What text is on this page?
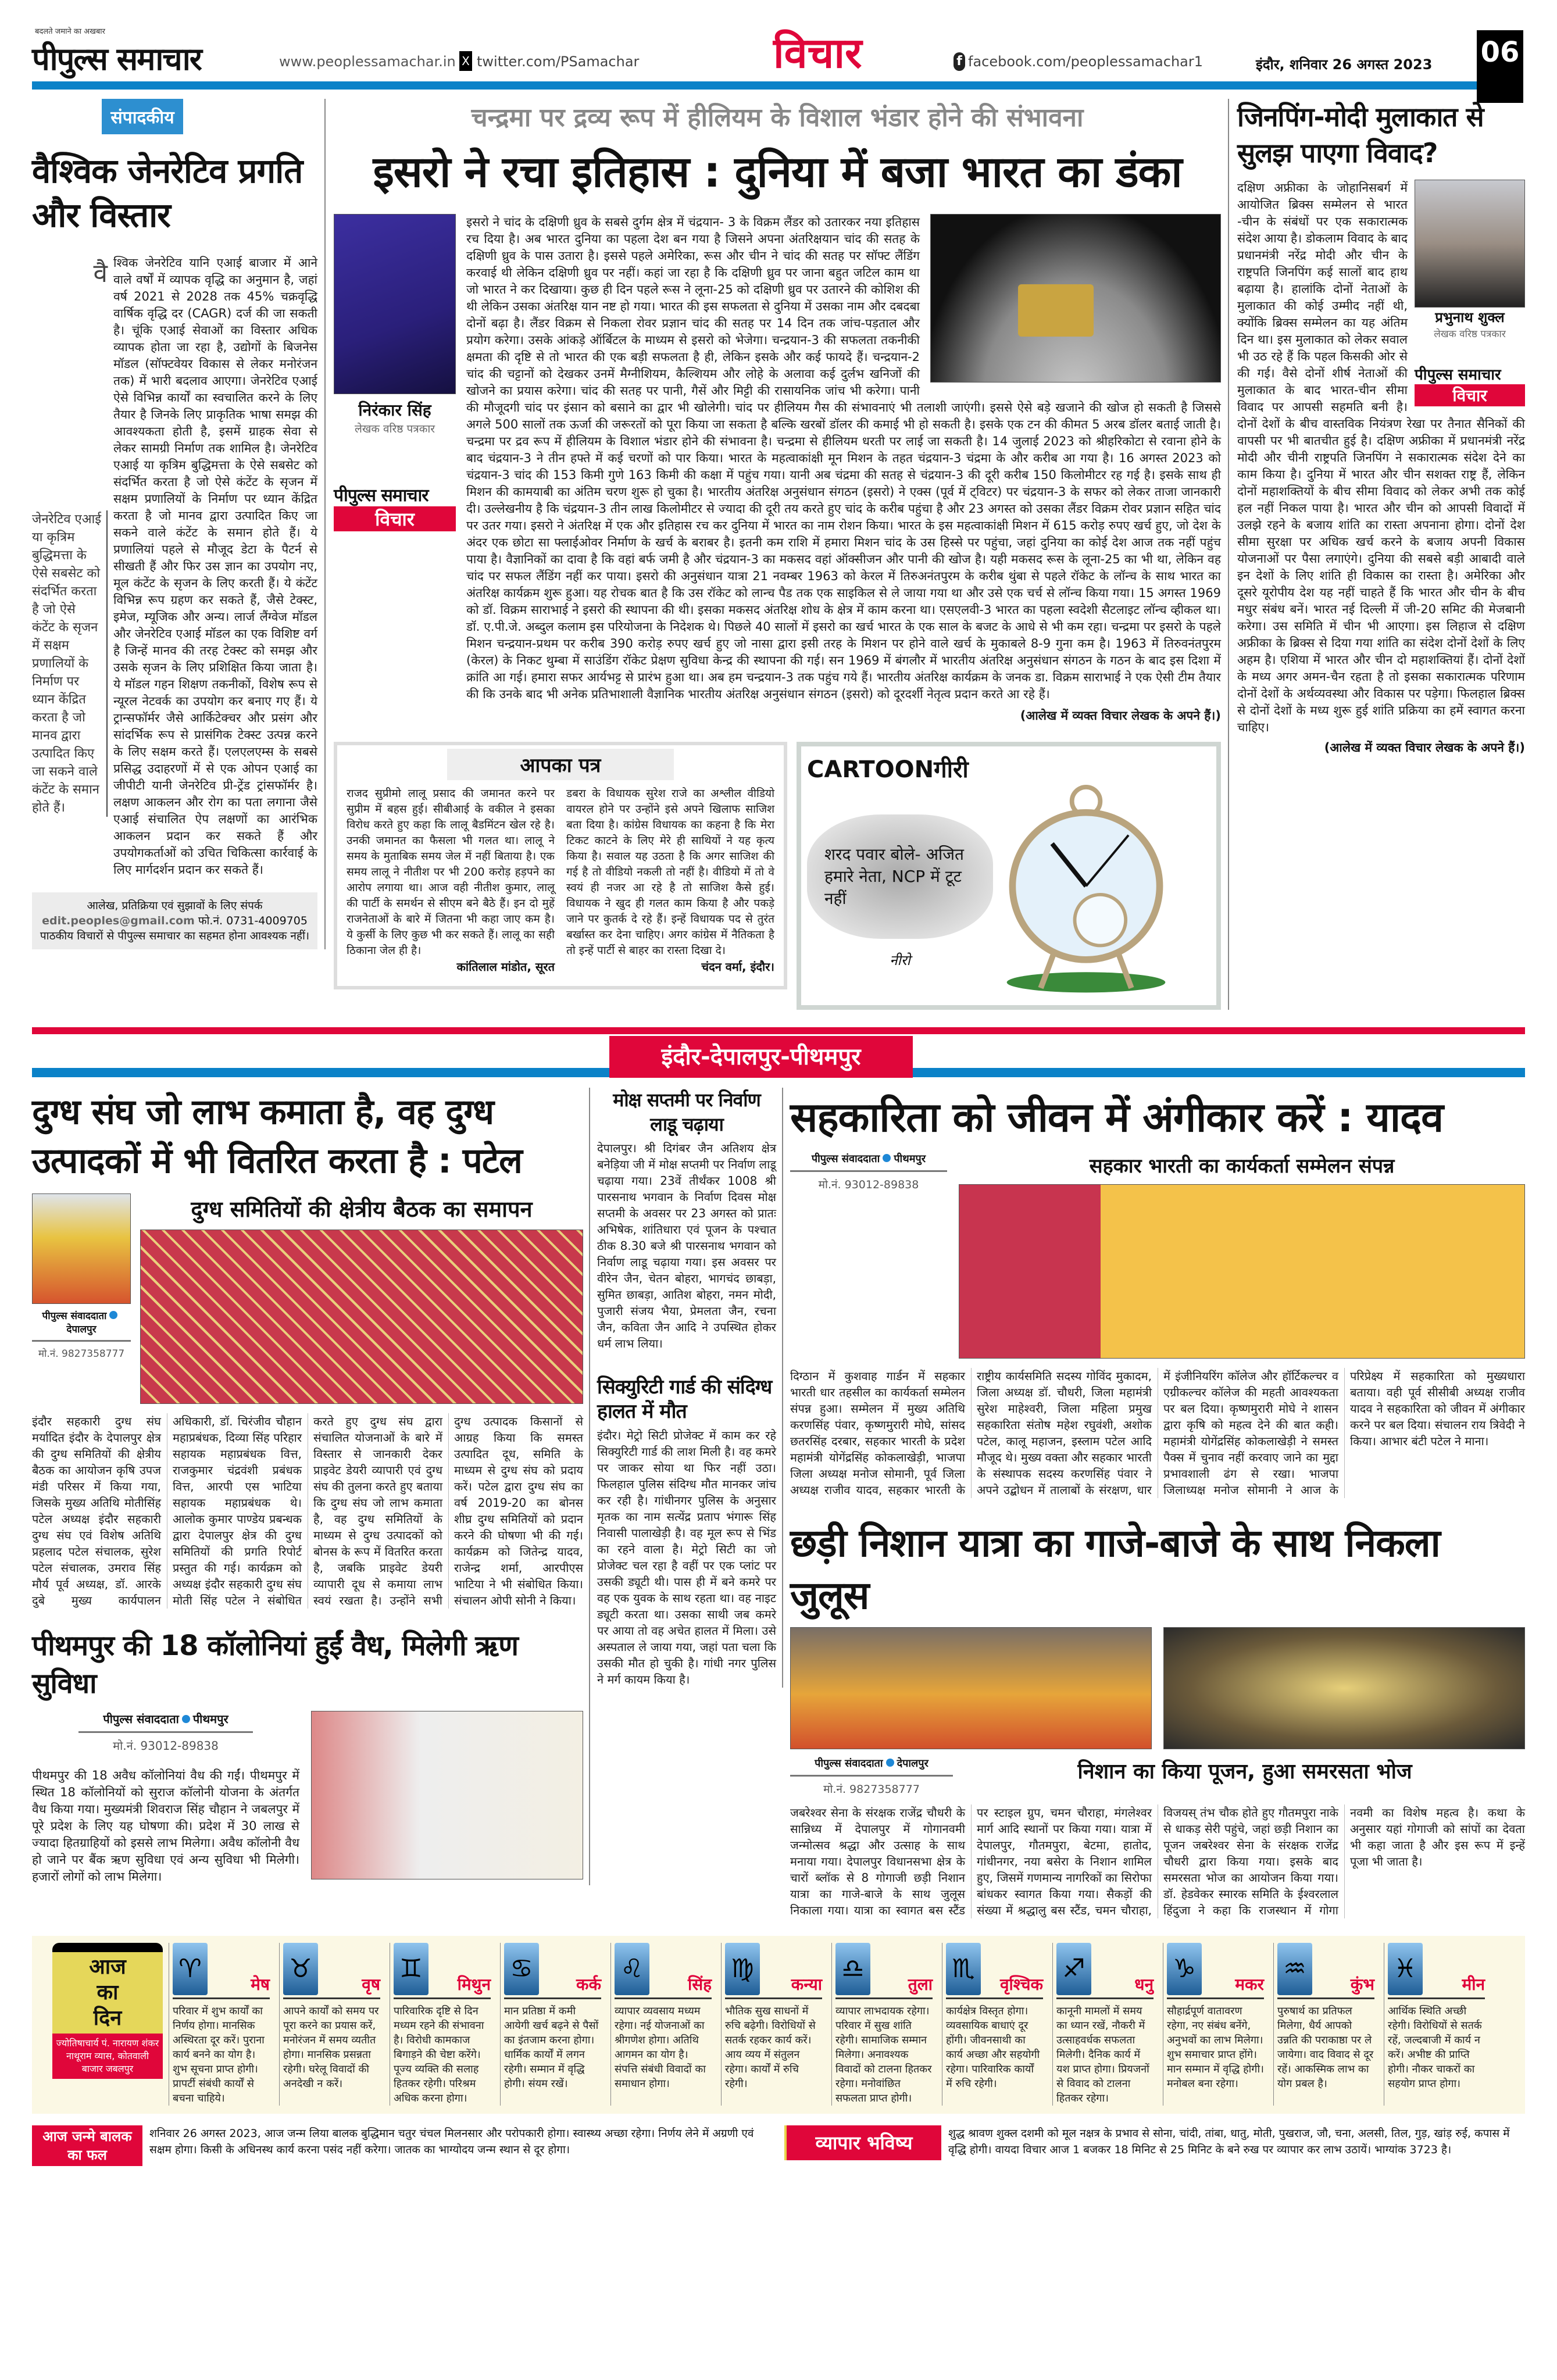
बदलते जमाने का अखबार
पीपुल्स समाचार	www.peoplessamachar.in X twitter.com/PSamachar	विचार	f facebook.com/peoplessamachar1	इंदौर, शनिवार 26 अगस्त 2023 06
संपादकीय
वैश्विक जेनरेटिव प्रगति और विस्तार
वै
जेनरेटिव एआई या कृत्रिम बुद्धिमत्ता के ऐसे सबसेट को संदर्भित करता है जो ऐसे कंटेंट के सृजन में सक्षम प्रणालियों के निर्माण पर ध्यान केंद्रित करता है जो मानव द्वारा उत्पादित किए जा सकने वाले कंटेंट के समान होते हैं।
श्विक जेनरेटिव यानि एआई बाजार में आने वाले वर्षों में व्यापक वृद्धि का अनुमान है, जहां वर्ष 2021 से 2028 तक 45% चक्रवृद्धि वार्षिक वृद्धि दर (CAGR) दर्ज की जा सकती है। चूंकि एआई सेवाओं का विस्तार अधिक व्यापक होता जा रहा है, उद्योगों के बिजनेस मॉडल (सॉफ्टवेयर विकास से लेकर मनोरंजन तक) में भारी बदलाव आएगा। जेनरेटिव एआई ऐसे विभिन्न कार्यों का स्वचालित करने के लिए तैयार है जिनके लिए प्राकृतिक भाषा समझ की आवश्यकता होती है, इसमें ग्राहक सेवा से लेकर सामग्री निर्माण तक शामिल है। जेनरेटिव एआई या कृत्रिम बुद्धिमत्ता के ऐसे सबसेट को संदर्भित करता है जो ऐसे कंटेंट के सृजन में सक्षम प्रणालियों के निर्माण पर ध्यान केंद्रित करता है जो मानव द्वारा उत्पादित किए जा सकने वाले कंटेंट के समान होते हैं। ये प्रणालियां पहले से मौजूद डेटा के पैटर्न से सीखती हैं और फिर उस ज्ञान का उपयोग नए, मूल कंटेंट के सृजन के लिए करती हैं। ये कंटेंट विभिन्न रूप ग्रहण कर सकते हैं, जैसे टेक्स्ट, इमेज, म्यूजिक और अन्य। लार्ज लैंग्वेज मॉडल और जेनरेटिव एआई मॉडल का एक विशिष्ट वर्ग है जिन्हें मानव की तरह टेक्स्ट को समझ और उसके सृजन के लिए प्रशिक्षित किया जाता है। ये मॉडल गहन शिक्षण तकनीकों, विशेष रूप से न्यूरल नेटवर्क का उपयोग कर बनाए गए हैं। ये ट्रान्सफॉर्मर जैसे आर्किटेक्चर और प्रसंग और सांदर्भिक रूप से प्रासंगिक टेक्स्ट उत्पन्न करने के लिए सक्षम करते हैं। एलएलएम्स के सबसे प्रसिद्ध उदाहरणों में से एक ओपन एआई का जीपीटी यानी जेनरेटिव प्री-ट्रेंड ट्रांसफॉर्मर है। लक्षण आकलन और रोग का पता लगाना जैसे एआई संचालित ऐप लक्षणों का आरंभिक आकलन प्रदान कर सकते हैं और उपयोगकर्ताओं को उचित चिकित्सा कार्रवाई के लिए मार्गदर्शन प्रदान कर सकते हैं।
आलेख, प्रतिक्रिया एवं सुझावों के लिए संपर्क
edit.peoples@gmail.com फो.नं. 0731-4009705
पाठकीय विचारों से पीपुल्स समाचार का सहमत होना आवश्यक नहीं।
चन्द्रमा पर द्रव्य रूप में हीलियम के विशाल भंडार होने की संभावना
इसरो ने रचा इतिहास : दुनिया में बजा भारत का डंका
निरंकार सिंह
लेखक वरिष्ठ पत्रकार
पीपुल्स समाचार
विचार
इसरो ने चांद के दक्षिणी ध्रुव के सबसे दुर्गम क्षेत्र में चंद्रयान- 3 के विक्रम लैंडर को उतारकर नया इतिहास रच दिया है। अब भारत दुनिया का पहला देश बन गया है जिसने अपना अंतरिक्षयान चांद की सतह के दक्षिणी ध्रुव के पास उतारा है। इससे पहले अमेरिका, रूस और चीन ने चांद की सतह पर सॉफ्ट लैंडिंग करवाई थी लेकिन दक्षिणी ध्रुव पर नहीं। कहां जा रहा है कि दक्षिणी ध्रुव पर जाना बहुत जटिल काम था जो भारत ने कर दिखाया। कुछ ही दिन पहले रूस ने लूना-25 को दक्षिणी ध्रुव पर उतारने की कोशिश की थी लेकिन उसका अंतरिक्ष यान नष्ट हो गया। भारत की इस सफलता से दुनिया में उसका नाम और दबदबा दोनों बढ़ा है। लैंडर विक्रम से निकला रोवर प्रज्ञान चांद की सतह पर 14 दिन तक जांच-पड़ताल और प्रयोग करेगा। उसके आंकड़े ऑर्बिटल के माध्यम से इसरो को भेजेगा। चन्द्रयान-3 की सफलता तकनीकी क्षमता की दृष्टि से तो भारत की एक बड़ी सफलता है ही, लेकिन इसके और कई फायदे हैं। चन्द्रयान-2 चांद की चट्टानों को देखकर उनमें मैग्नीशियम, कैल्शियम और लोहे के अलावा कई दुर्लभ खनिजों की खोजने का प्रयास करेगा। चांद की सतह पर पानी, गैसें और मिट्टी की रासायनिक जांच भी करेगा। पानी की मौजूदगी चांद पर इंसान को बसाने का द्वार भी खोलेगी। चांद पर हीलियम गैस की संभावनाएं भी तलाशी जाएंगी। इससे ऐसे बड़े खजाने की खोज हो सकती है जिससे अगले 500 सालों तक ऊर्जा की जरूरतों को पूरा किया जा सकता है बल्कि खरबों डॉलर की कमाई भी हो सकती है। इसके एक टन की कीमत 5 अरब डॉलर बताई जाती है। चन्द्रमा पर द्रव रूप में हीलियम के विशाल भंडार होने की संभावना है। चन्द्रमा से हीलियम धरती पर लाई जा सकती है। 14 जुलाई 2023 को श्रीहरिकोटा से रवाना होने के बाद चंद्रयान-3 ने तीन हफ्ते में कई चरणों को पार किया। भारत के महत्वाकांक्षी मून मिशन के तहत चंद्रयान-3 चंद्रमा के और करीब आ गया है। 16 अगस्त 2023 को चंद्रयान-3 चांद की 153 किमी गुणे 163 किमी की कक्षा में पहुंच गया। यानी अब चंद्रमा की सतह से चंद्रयान-3 की दूरी करीब 150 किलोमीटर रह गई है। इसके साथ ही मिशन की कामयाबी का अंतिम चरण शुरू हो चुका है। भारतीय अंतरिक्ष अनुसंधान संगठन (इसरो) ने एक्स (पूर्व में ट्विटर) पर चंद्रयान-3 के सफर को लेकर ताजा जानकारी दी। उल्लेखनीय है कि चंद्रयान-3 तीन लाख किलोमीटर से ज्यादा की दूरी तय करते हुए चांद के करीब पहुंचा है और 23 अगस्त को उसका लैंडर विक्रम रोवर प्रज्ञान सहित चांद पर उतर गया। इसरो ने अंतरिक्ष में एक और इतिहास रच कर दुनिया में भारत का नाम रोशन किया। भारत के इस महत्वाकांक्षी मिशन में 615 करोड़ रुपए खर्च हुए, जो देश के अंदर एक छोटा सा फ्लाईओवर निर्माण के खर्च के बराबर है। इतनी कम राशि में हमारा मिशन चांद के उस हिस्से पर पहुंचा, जहां दुनिया का कोई देश आज तक नहीं पहुंच पाया है। वैज्ञानिकों का दावा है कि वहां बर्फ जमी है और चंद्रयान-3 का मकसद वहां ऑक्सीजन और पानी की खोज है। यही मकसद रूस के लूना-25 का भी था, लेकिन वह चांद पर सफल लैंडिंग नहीं कर पाया। इसरो की अनुसंधान यात्रा 21 नवम्बर 1963 को केरल में तिरुअनंतपुरम के करीब थुंबा से पहले रॉकेट के लॉन्च के साथ भारत का अंतरिक्ष कार्यक्रम शुरू हुआ। यह रोचक बात है कि उस रॉकेट को लान्च पैड तक एक साइकिल से ले जाया गया था और उसे एक चर्च से लॉन्च किया गया। 15 अगस्त 1969 को डॉ. विक्रम साराभाई ने इसरो की स्थापना की थी। इसका मकसद अंतरिक्ष शोध के क्षेत्र में काम करना था। एसएलवी-3 भारत का पहला स्वदेशी सैटलाइट लॉन्च व्हीकल था। डॉ. ए.पी.जे. अब्दुल कलाम इस परियोजना के निदेशक थे। पिछले 40 सालों में इसरो का खर्च भारत के एक साल के बजट के आधे से भी कम रहा। चन्द्रमा पर इसरो के पहले मिशन चन्द्रयान-प्रथम पर करीब 390 करोड़ रुपए खर्च हुए जो नासा द्वारा इसी तरह के मिशन पर होने वाले खर्च के मुकाबले 8-9 गुना कम है। 1963 में तिरुवनंतपुरम (केरल) के निकट थुम्बा में साउंडिंग रॉकेट प्रेक्षण सुविधा केन्द्र की स्थापना की गई। सन 1969 में बंगलौर में भारतीय अंतरिक्ष अनुसंधान संगठन के गठन के बाद इस दिशा में क्रांति आ गई। हमारा सफर आर्यभट्ट से प्रारंभ हुआ था। अब हम चन्द्रयान-3 तक पहुंच गये हैं। भारतीय अंतरिक्ष कार्यक्रम के जनक डा. विक्रम साराभाई ने एक ऐसी टीम तैयार की कि उनके बाद भी अनेक प्रतिभाशाली वैज्ञानिक भारतीय अंतरिक्ष अनुसंधान संगठन (इसरो) को दूरदर्शी नेतृत्व प्रदान करते आ रहे हैं।
(आलेख में व्यक्त विचार लेखक के अपने हैं।)
आपका पत्र
राजद सुप्रीमो लालू प्रसाद की जमानत करने पर सुप्रीम में बहस हुई। सीबीआई के वकील ने इसका विरोध करते हुए कहा कि लालू बैडमिंटन खेल रहे है। उनकी जमानत का फैसला भी गलत था। लालू ने समय के मुताबिक समय जेल में नहीं बिताया है। एक समय लालू ने नीतीश पर भी 200 करोड़ हड़पने का आरोप लगाया था। आज वही नीतीश कुमार, लालू की पार्टी के समर्थन से सीएम बने बैठे हैं। इन दो मुहें राजनेताओं के बारे में जितना भी कहा जाए कम है। ये कुर्सी के लिए कुछ भी कर सकते हैं। लालू का सही ठिकाना जेल ही है।
कांतिलाल मांडोत, सूरत
डबरा के विधायक सुरेश राजे का अश्लील वीडियो वायरल होने पर उन्होंने इसे अपने खिलाफ साजिश बता दिया है। कांग्रेस विधायक का कहना है कि मेरा टिकट काटने के लिए मेरे ही साथियों ने यह कृत्य किया है। सवाल यह उठता है कि अगर साजिश की गई है तो वीडियो नकली तो नहीं है। वीडियो में तो वे स्वयं ही नजर आ रहे है तो साजिश कैसे हुई। विधायक ने खुद ही गलत काम किया है और पकड़े जाने पर कुतर्क दे रहे हैं। इन्हें विधायक पद से तुरंत बर्खास्त कर देना चाहिए। अगर कांग्रेस में नैतिकता है तो इन्हें पार्टी से बाहर का रास्ता दिखा दे।
चंदन वर्मा, इंदौर।
CARTOONगीरी
शरद पवार बोले- अजित हमारे नेता, NCP में टूट नहीं
नीरो
जिनपिंग-मोदी मुलाकात से सुलझ पाएगा विवाद?
प्रभुनाथ शुक्ल
लेखक वरिष्ठ पत्रकार
पीपुल्स समाचार
विचार
दक्षिण अफ्रीका के जोहानिसबर्ग में आयोजित ब्रिक्स सम्मेलन से भारत -चीन के संबंधों पर एक सकारात्मक संदेश आया है। डोकलाम विवाद के बाद प्रधानमंत्री नरेंद्र मोदी और चीन के राष्ट्रपति जिनपिंग कई सालों बाद हाथ बढ़ाया है। हालांकि दोनों नेताओं के मुलाकात की कोई उम्मीद नहीं थी, क्योंकि ब्रिक्स सम्मेलन का यह अंतिम दिन था। इस मुलाकात को लेकर सवाल भी उठ रहे हैं कि पहल किसकी ओर से की गई। वैसे दोनों शीर्ष नेताओं की मुलाकात के बाद भारत-चीन सीमा विवाद पर आपसी सहमति बनी है। दोनों देशों के बीच वास्तविक नियंत्रण रेखा पर तैनात सैनिकों की वापसी पर भी बातचीत हुई है। दक्षिण अफ्रीका में प्रधानमंत्री नरेंद्र मोदी और चीनी राष्ट्रपति जिनपिंग ने सकारात्मक संदेश देने का काम किया है। दुनिया में भारत और चीन सशक्त राष्ट्र हैं, लेकिन दोनों महाशक्तियों के बीच सीमा विवाद को लेकर अभी तक कोई हल नहीं निकल पाया है। भारत और चीन को आपसी विवादों में उलझे रहने के बजाय शांति का रास्ता अपनाना होगा। दोनों देश सीमा सुरक्षा पर अधिक खर्च करने के बजाय अपनी विकास योजनाओं पर पैसा लगाएंगे। दुनिया की सबसे बड़ी आबादी वाले इन देशों के लिए शांति ही विकास का रास्ता है। अमेरिका और दूसरे यूरोपीय देश यह नहीं चाहते हैं कि भारत और चीन के बीच मधुर संबंध बनें। भारत नई दिल्ली में जी-20 समिट की मेजबानी करेगा। उस समिति में चीन भी आएगा। इस लिहाज से दक्षिण अफ्रीका के ब्रिक्स से दिया गया शांति का संदेश दोनों देशों के लिए अहम है। एशिया में भारत और चीन दो महाशक्तियां हैं। दोनों देशों के मध्य अगर अमन-चैन रहता है तो इसका सकारात्मक परिणाम दोनों देशों के अर्थव्यवस्था और विकास पर पड़ेगा। फिलहाल ब्रिक्स से दोनों देशों के मध्य शुरू हुई शांति प्रक्रिया का हमें स्वागत करना चाहिए।
(आलेख में व्यक्त विचार लेखक के अपने हैं।)
इंदौर-देपालपुर-पीथमपुर
दुग्ध संघ जो लाभ कमाता है, वह दुग्ध उत्पादकों में भी वितरित करता है : पटेल
पीपुल्स संवाददातादेपालपुर
मो.नं. 9827358777
दुग्ध समितियों की क्षेत्रीय बैठक का समापन
इंदौर सहकारी दुग्ध संघ मर्यादित इंदौर के देपालपुर क्षेत्र की दुग्ध समितियों की क्षेत्रीय बैठक का आयोजन कृषि उपज मंडी परिसर में किया गया, जिसके मुख्य अतिथि मोतीसिंह पटेल अध्यक्ष इंदौर सहकारी दुग्ध संघ एवं विशेष अतिथि प्रहलाद पटेल संचालक, सुरेश पटेल संचालक, उमराव सिंह मौर्य पूर्व अध्यक्ष, डॉ. आरके दुबे मुख्य कार्यपालन अधिकारी, डॉ. चिरंजीव चौहान महाप्रबंधक, दिव्या सिंह परिहार सहायक महाप्रबंधक वित्त, राजकुमार चंद्रवंशी प्रबंधक वित्त, आरपी एस भाटिया सहायक महाप्रबंधक थे। आलोक कुमार पाण्डेय प्रबन्धक द्वारा देपालपुर क्षेत्र की दुग्ध समितियों की प्रगति रिपोर्ट प्रस्तुत की गई। कार्यक्रम को अध्यक्ष इंदौर सहकारी दुग्ध संघ मोती सिंह पटेल ने संबोधित करते हुए दुग्ध संघ द्वारा संचालित योजनाओं के बारे में विस्तार से जानकारी देकर प्राइवेट डेयरी व्यापारी एवं दुग्ध संघ की तुलना करते हुए बताया कि दुग्ध संघ जो लाभ कमाता है, वह दुग्ध समितियों के माध्यम से दुग्ध उत्पादकों को बोनस के रूप में वितरित करता है, जबकि प्राइवेट डेयरी व्यापारी दूध से कमाया लाभ स्वयं रखता है। उन्होंने सभी दुग्ध उत्पादक किसानों से आग्रह किया कि समस्त उत्पादित दूध, समिति के माध्यम से दुग्ध संघ को प्रदाय करें। पटेल द्वारा दुग्ध संघ का वर्ष 2019-20 का बोनस शीघ्र दुग्ध समितियों को प्रदान करने की घोषणा भी की गई। कार्यक्रम को जितेन्द्र यादव, राजेन्द्र शर्मा, आरपीएस भाटिया ने भी संबोधित किया। संचालन ओपी सोनी ने किया।
पीथमपुर की 18 कॉलोनियां हुईं वैध, मिलेगी ऋण सुविधा
पीपुल्स संवाददाता पीथमपुर
मो.नं. 93012-89838
पीथमपुर की 18 अवैध कॉलोनियां वैध की गईं। पीथमपुर में स्थित 18 कॉलोनियों को सुराज कॉलोनी योजना के अंतर्गत वैध किया गया। मुख्यमंत्री शिवराज सिंह चौहान ने जबलपुर में पूरे प्रदेश के लिए यह घोषणा की। प्रदेश में 30 लाख से ज्यादा हितग्राहियों को इससे लाभ मिलेगा। अवैध कॉलोनी वैध हो जाने पर बैंक ऋण सुविधा एवं अन्य सुविधा भी मिलेगी। हजारों लोगों को लाभ मिलेगा।
मोक्ष सप्तमी पर निर्वाण लाडू चढ़ाया
देपालपुर। श्री दिगंबर जैन अतिशय क्षेत्र बनेड़िया जी में मोक्ष सप्तमी पर निर्वाण लाडू चढ़ाया गया। 23वें तीर्थंकर 1008 श्री पारसनाथ भगवान के निर्वाण दिवस मोक्ष सप्तमी के अवसर पर 23 अगस्त को प्रातः अभिषेक, शांतिधारा एवं पूजन के पश्चात ठीक 8.30 बजे श्री पारसनाथ भगवान को निर्वाण लाडू चढ़ाया गया। इस अवसर पर वीरेन जैन, चेतन बोहरा, भागचंद छाबड़ा, सुमित छाबड़ा, आतिश बोहरा, नमन मोदी, पुजारी संजय भैया, प्रेमलता जैन, रचना जैन, कविता जैन आदि ने उपस्थित होकर धर्म लाभ लिया।
सिक्युरिटी गार्ड की संदिग्ध हालत में मौत
इंदौर। मेट्रो सिटी प्रोजेक्ट में काम कर रहे सिक्युरिटी गार्ड की लाश मिली है। वह कमरे पर जाकर सोया था फिर नहीं उठा। फिलहाल पुलिस संदिग्ध मौत मानकर जांच कर रही है। गांधीनगर पुलिस के अनुसार मृतक का नाम सत्येंद्र प्रताप भंगारू सिंह निवासी पालाखेड़ी है। वह मूल रूप से भिंड का रहने वाला है। मेट्रो सिटी का जो प्रोजेक्ट चल रहा है वहीं पर एक प्लांट पर उसकी ड्यूटी थी। पास ही में बने कमरे पर वह एक युवक के साथ रहता था। वह नाइट ड्यूटी करता था। उसका साथी जब कमरे पर आया तो वह अचेत हालत में मिला। उसे अस्पताल ले जाया गया, जहां पता चला कि उसकी मौत हो चुकी है। गांधी नगर पुलिस ने मर्ग कायम किया है।
सहकारिता को जीवन में अंगीकार करें : यादव
पीपुल्स संवाददाता पीथमपुर
मो.नं. 93012-89838
सहकार भारती का कार्यकर्ता सम्मेलन संपन्न
दिग्ठान में कुशवाह गार्डन में सहकार भारती धार तहसील का कार्यकर्ता सम्मेलन संपन्न हुआ। सम्मेलन में मुख्य अतिथि करणसिंह पंवार, कृष्णमुरारी मोघे, सांसद छतरसिंह दरबार, सहकार भारती के प्रदेश महामंत्री योगेंद्रसिंह कोकलाखेड़ी, भाजपा जिला अध्यक्ष मनोज सोमानी, पूर्व जिला अध्यक्ष राजीव यादव, सहकार भारती के राष्ट्रीय कार्यसमिति सदस्य गोविंद मुकादम, जिला अध्यक्ष डॉ. चौधरी, जिला महामंत्री सुरेश माहेश्वरी, जिला महिला प्रमुख सहकारिता संतोष महेश रघुवंशी, अशोक पटेल, कालू महाजन, इस्लाम पटेल आदि मौजूद थे। मुख्य वक्ता और सहकार भारती के संस्थापक सदस्य करणसिंह पंवार ने अपने उद्बोधन में तालाबों के संरक्षण, धार में इंजीनियरिंग कॉलेज और हॉर्टिकल्चर व एग्रीकल्चर कॉलेज की महती आवश्यकता पर बल दिया। कृष्णमुरारी मोघे ने शासन द्वारा कृषि को महत्व देने की बात कही। महामंत्री योगेंद्रसिंह कोकलाखेड़ी ने समस्त पैक्स में चुनाव नहीं करवाए जाने का मुद्दा प्रभावशाली ढंग से रखा। भाजपा जिलाध्यक्ष मनोज सोमानी ने आज के परिप्रेक्ष्य में सहकारिता को मुख्यधारा बताया। वही पूर्व सीसीबी अध्यक्ष राजीव यादव ने सहकारिता को जीवन में अंगीकार करने पर बल दिया। संचालन राय त्रिवेदी ने किया। आभार बंटी पटेल ने माना।
छड़ी निशान यात्रा का गाजे-बाजे के साथ निकला जुलूस
पीपुल्स संवाददाता देपालपुर
मो.नं. 9827358777
निशान का किया पूजन, हुआ समरसता भोज
जबरेश्वर सेना के संरक्षक राजेंद्र चौधरी के सान्निध्य में देपालपुर में गोगानवमी जन्मोत्सव श्रद्धा और उत्साह के साथ मनाया गया। देपालपुर विधानसभा क्षेत्र के चारों ब्लॉक से 8 गोगाजी छड़ी निशान यात्रा का गाजे-बाजे के साथ जुलूस निकाला गया। यात्रा का स्वागत बस स्टैंड पर स्टाइल ग्रुप, चमन चौराहा, मंगलेश्वर मार्ग आदि स्थानों पर किया गया। यात्रा में देपालपुर, गौतमपुरा, बेटमा, हातोद, गांधीनगर, नया बसेरा के निशान शामिल हुए, जिसमें गणमान्य नागरिकों का सिरोफा बांधकर स्वागत किया गया। सैकड़ों की संख्या में श्रद्धालु बस स्टैंड, चमन चौराहा, विजयस् तंभ चौक होते हुए गौतमपुरा नाके से धाकड़ सेरी पहुंचे, जहां छड़ी निशान का पूजन जबरेश्वर सेना के संरक्षक राजेंद्र चौधरी द्वारा किया गया। इसके बाद समरसता भोज का आयोजन किया गया। डॉ. हेडवेकर स्मारक समिति के ईश्वरलाल हिंदुजा ने कहा कि राजस्थान में गोगा नवमी का विशेष महत्व है। कथा के अनुसार यहां गोगाजी को सांपों का देवता भी कहा जाता है और इस रूप में इन्हें पूजा भी जाता है।
आज
का
दिन
ज्योतिषाचार्य पं. नारायण शंकर नाथूराम व्यास, कोतवाली बाजार जबलपुर
♈
मेष
परिवार में शुभ कार्यों का निर्णय होगा। मानसिक अस्थिरता दूर करें। पुराना कार्य बनने का योग है। शुभ सूचना प्राप्त होगी। प्रापर्टी संबंधी कार्यों से बचना चाहिये।
♉
वृष
आपने कार्यों को समय पर पूरा करने का प्रयास करें, मनोरंजन में समय व्यतीत होगा। मानसिक प्रसन्नता रहेगी। घरेलू विवादों की अनदेखी न करें।
♊
मिथुन
पारिवारिक दृष्टि से दिन मध्यम रहने की संभावना है। विरोधी कामकाज बिगाड़ने की चेष्टा करेंगे। पूज्य व्यक्ति की सलाह हितकर रहेगी। परिश्रम अधिक करना होगा।
♋
कर्क
मान प्रतिष्ठा में कमी आयेगी खर्च बढ़ने से पैसों का इंतजाम करना होगा। धार्मिक कार्यों में लगन रहेगी। सम्मान में वृद्धि होगी। संयम रखें।
♌
सिंह
व्यापार व्यवसाय मध्यम रहेगा। नई योजनाओं का श्रीगणेश होगा। अतिथि आगमन का योग है। संपत्ति संबंधी विवादों का समाधान होगा।
♍
कन्या
भौतिक सुख साधनों में रुचि बढ़ेगी। विरोधियों से सतर्क रहकर कार्य करें। आय व्यय में संतुलन रहेगा। कार्यों में रुचि रहेगी।
♎
तुला
व्यापार लाभदायक रहेगा। परिवार में सुख शांति रहेगी। सामाजिक सम्मान मिलेगा। अनावश्यक विवादों को टालना हितकर रहेगा। मनोवांछित सफलता प्राप्त होगी।
♏
वृश्चिक
कार्यक्षेत्र विस्तृत होगा। व्यवसायिक बाधाएं दूर होंगी। जीवनसाथी का कार्य अच्छा और सहयोगी रहेगा। पारिवारिक कार्यों में रुचि रहेगी।
♐
धनु
कानूनी मामलों में समय का ध्यान रखें, नौकरी में उत्साहवर्धक सफलता मिलेगी। दैनिक कार्य में यश प्राप्त होगा। प्रियजनों से विवाद को टालना हितकर रहेगा।
♑
मकर
सौहार्द्रपूर्ण वातावरण रहेगा, नए संबंध बनेंगे, अनुभवों का लाभ मिलेगा। शुभ समाचार प्राप्त होंगे। मान सम्मान में वृद्धि होगी। मनोबल बना रहेगा।
♒
कुंभ
पुरुषार्थ का प्रतिफल मिलेगा, धैर्य आपको उन्नति की पराकाष्ठा पर ले जायेगा। वाद विवाद से दूर रहें। आकस्मिक लाभ का योग प्रबल है।
♓
मीन
आर्थिक स्थिति अच्छी रहेगी। विरोधियों से सतर्क रहें, जल्दबाजी में कार्य न करें। अभीष्ट की प्राप्ति होगी। नौकर चाकरों का सहयोग प्राप्त होगा।
आज जन्मे बालक का फल
शनिवार 26 अगस्त 2023, आज जन्म लिया बालक बुद्धिमान चतुर चंचल मिलनसार और परोपकारी होगा। स्वास्थ्य अच्छा रहेगा। निर्णय लेने में अग्रणी एवं सक्षम होगा। किसी के अधिनस्थ कार्य करना पसंद नहीं करेगा। जातक का भाग्योदय जन्म स्थान से दूर होगा।	व्यापार भविष्य	शुद्ध श्रावण शुक्ल दशमी को मूल नक्षत्र के प्रभाव से सोना, चांदी, तांबा, धातु, मोती, पुखराज, जौ, चना, अलसी, तिल, गुड़, खांड़ रुई, कपास में वृद्धि होगी। वायदा विचार आज 1 बजकर 18 मिनिट से 25 मिनिट के बने रुख पर व्यापार कर लाभ उठायें। भाग्यांक 3723 है।
